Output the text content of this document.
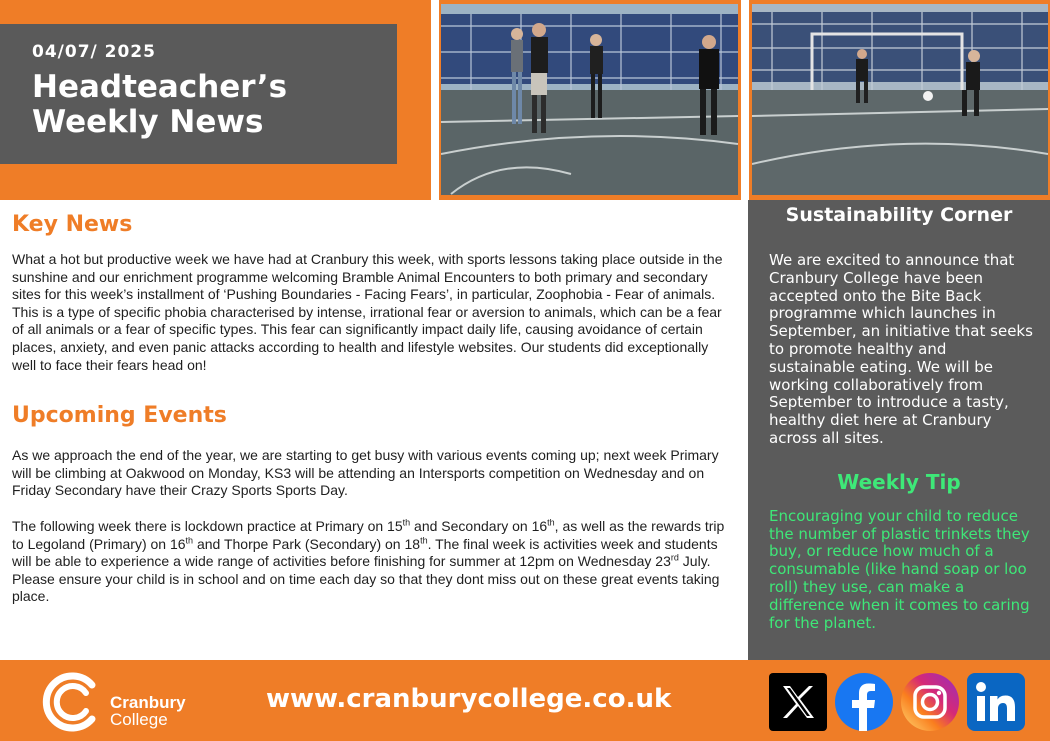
04/07/ 2025
Headteacher’s
Weekly News
Key News

What a hot but productive week we have had at Cranbury this week, with sports lessons taking place outside in the sunshine and our enrichment programme welcoming Bramble Animal Encounters to both primary and secondary sites for this week’s installment of ‘Pushing Boundaries - Facing Fears’, in particular, Zoophobia - Fear of animals. This is a type of specific phobia characterised by intense, irrational fear or aversion to animals, which can be a fear of all animals or a fear of specific types. This fear can significantly impact daily life, causing avoidance of certain places, anxiety, and even panic attacks according to health and lifestyle websites. Our students did exceptionally well to face their fears head on!

Upcoming Events

As we approach the end of the year, we are starting to get busy with various events coming up; next week Primary will be climbing at Oakwood on Monday, KS3 will be attending an Intersports competition on Wednesday and on Friday Secondary have their Crazy Sports Sports Day.

The following week there is lockdown practice at Primary on 15th and Secondary on 16th, as well as the rewards trip to Legoland (Primary) on 16th and Thorpe Park (Secondary) on 18th. The final week is activities week and students will be able to experience a wide range of activities before finishing for summer at 12pm on Wednesday 23rd July. Please ensure your child is in school and on time each day so that they dont miss out on these great events taking place.

Sustainability Corner

We are excited to announce that Cranbury College have been accepted onto the Bite Back programme which launches in September, an initiative that seeks to promote healthy and sustainable eating. We will be working collaboratively from September to introduce a tasty, healthy diet here at Cranbury across all sites.

Weekly Tip

Encouraging your child to reduce the number of plastic trinkets they buy, or reduce how much of a consumable (like hand soap or loo roll) they use, can make a difference when it comes to caring for the planet.

Cranbury
College
www.cranburycollege.co.uk
